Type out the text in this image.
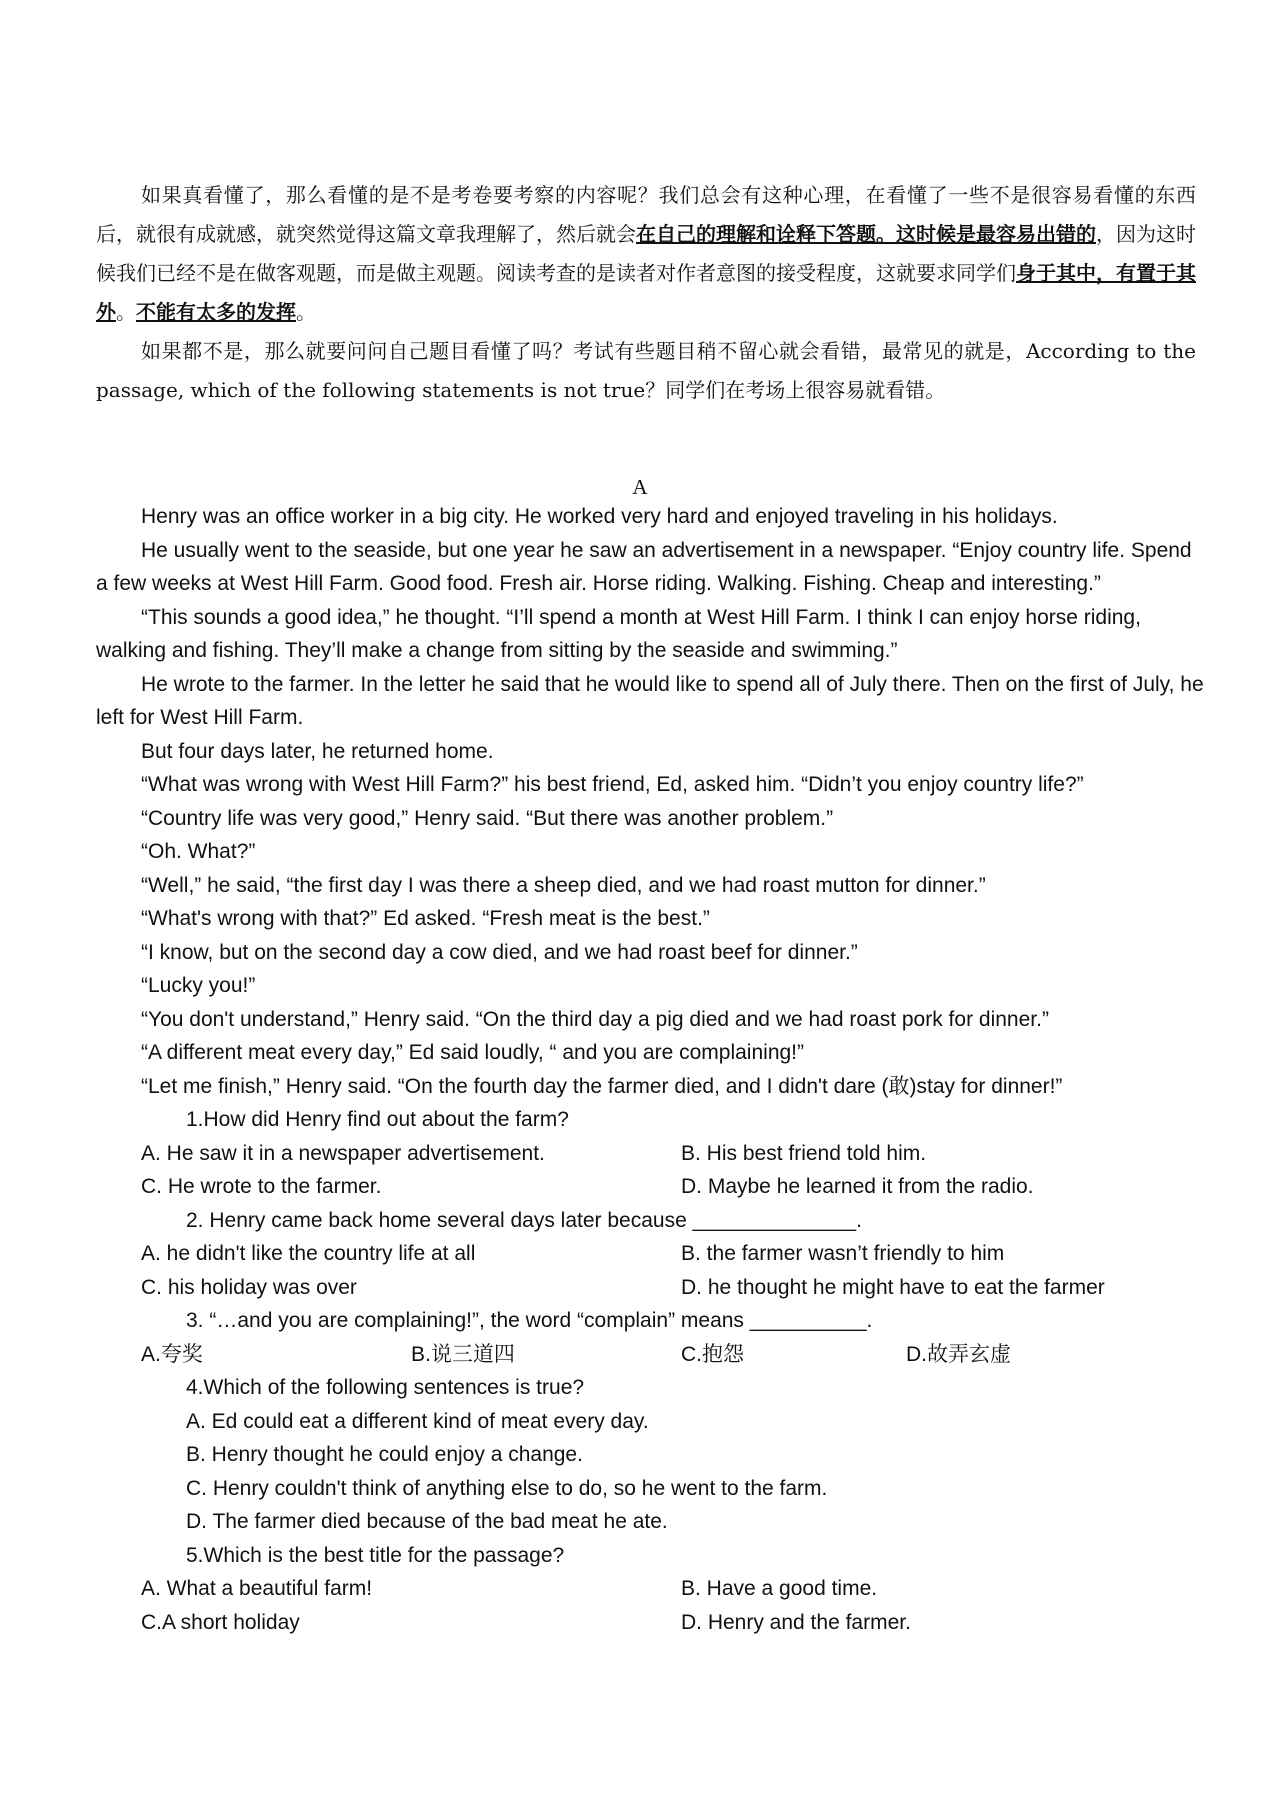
如果真看懂了，那么看懂的是不是考卷要考察的内容呢？我们总会有这种心理，在看懂了一些不是很容易看懂的东西后，就很有成就感，就突然觉得这篇文章我理解了，然后就会在自己的理解和诠释下答题。这时候是最容易出错的，因为这时候我们已经不是在做客观题，而是做主观题。阅读考查的是读者对作者意图的接受程度，这就要求同学们身于其中，有置于其外。不能有太多的发挥。

如果都不是，那么就要问问自己题目看懂了吗？考试有些题目稍不留心就会看错，最常见的就是，According to the passage, which of the following statements is not true？同学们在考场上很容易就看错。

A

Henry was an office worker in a big city. He worked very hard and enjoyed traveling in his holidays.

He usually went to the seaside, but one year he saw an advertisement in a newspaper. “Enjoy country life. Spend a few weeks at West Hill Farm. Good food. Fresh air. Horse riding. Walking. Fishing. Cheap and interesting.”

“This sounds a good idea,” he thought. “I’ll spend a month at West Hill Farm. I think I can enjoy horse riding, walking and fishing. They’ll make a change from sitting by the seaside and swimming.”

He wrote to the farmer. In the letter he said that he would like to spend all of July there. Then on the first of July, he left for West Hill Farm.

But four days later, he returned home.

“What was wrong with West Hill Farm?” his best friend, Ed, asked him. “Didn’t you enjoy country life?”

“Country life was very good,” Henry said. “But there was another problem.”

“Oh. What?”

“Well,” he said, “the first day I was there a sheep died, and we had roast mutton for dinner.”

“What's wrong with that?” Ed asked. “Fresh meat is the best.”

“I know, but on the second day a cow died, and we had roast beef for dinner.”

“Lucky you!”

“You don't understand,” Henry said. “On the third day a pig died and we had roast pork for dinner.”

“A different meat every day,” Ed said loudly, “ and you are complaining!”

“Let me finish,” Henry said. “On the fourth day the farmer died, and I didn't dare (敢)stay for dinner!”

1.How did Henry find out about the farm?

A. He saw it in a newspaper advertisement.	B. His best friend told him.
C. He wrote to the farmer.	D. Maybe he learned it from the radio.

2. Henry came back home several days later because ______________.

A. he didn't like the country life at all	B. the farmer wasn’t friendly to him
C. his holiday was over	D. he thought he might have to eat the farmer

3. “…and you are complaining!”, the word “complain” means __________.

A.夸奖	B.说三道四	C.抱怨	D.故弄玄虚

4.Which of the following sentences is true?

A. Ed could eat a different kind of meat every day.

B. Henry thought he could enjoy a change.

C. Henry couldn't think of anything else to do, so he went to the farm.

D. The farmer died because of the bad meat he ate.

5.Which is the best title for the passage?

A. What a beautiful farm!	B. Have a good time.
C.A short holiday	D. Henry and the farmer.
